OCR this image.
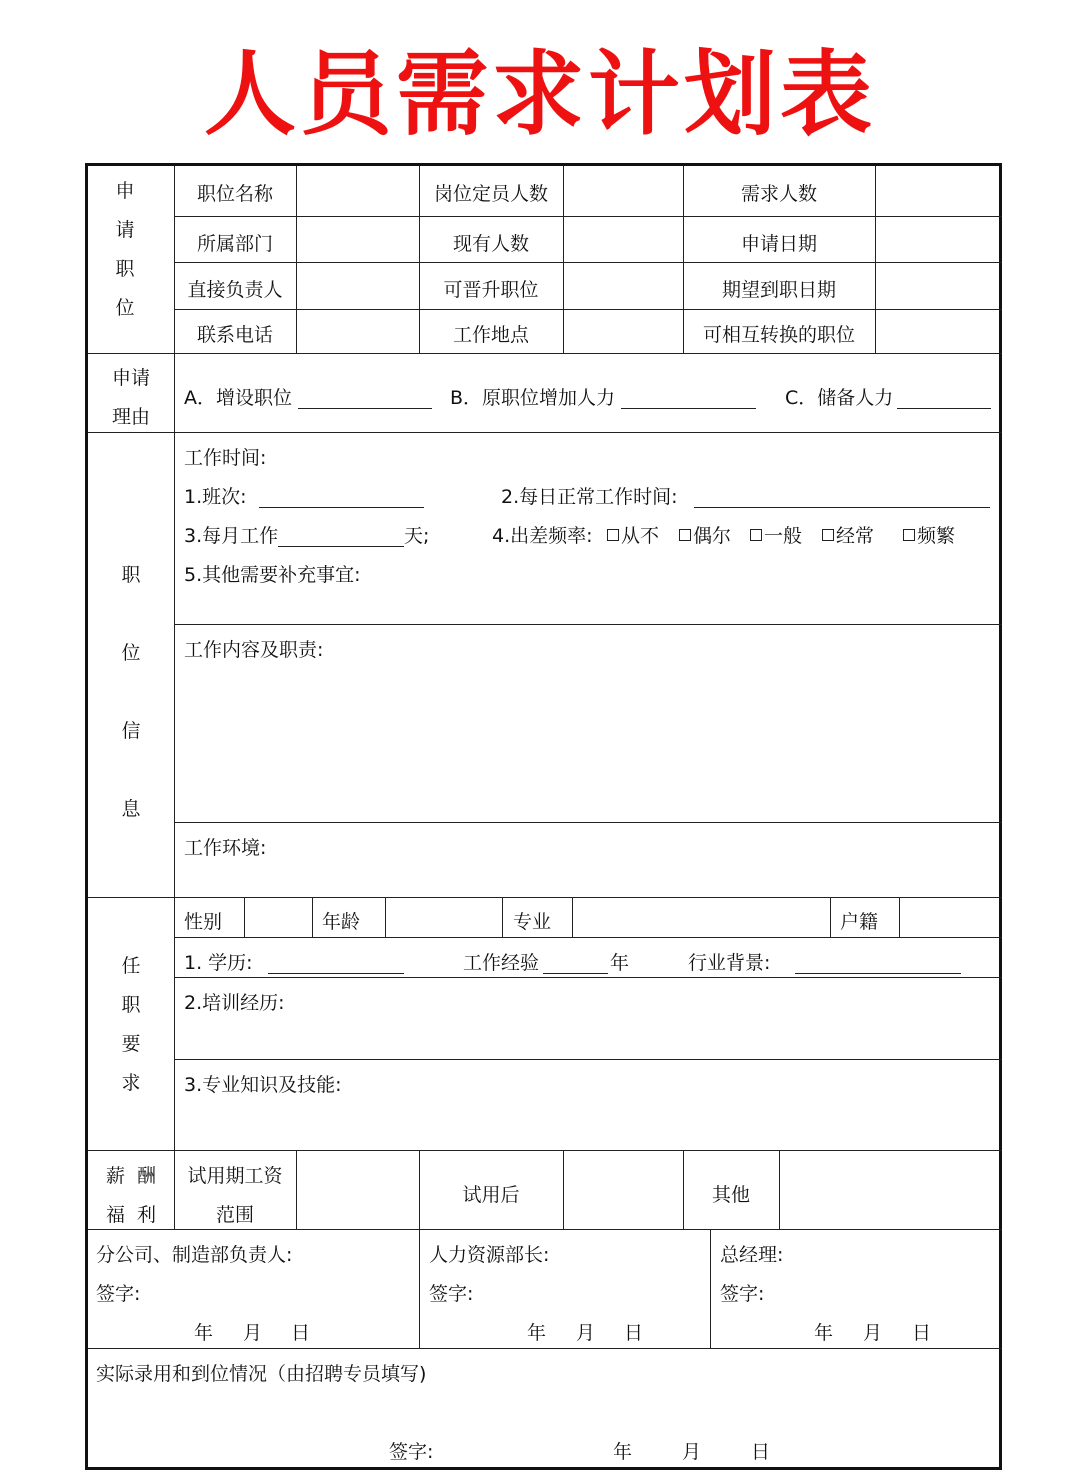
人员需求计划表
申
请
职
位
职位名称	岗位定员人数	需求人数
所属部门	现有人数	申请日期
直接负责人	可晋升职位	期望到职日期
联系电话	工作地点	可相互转换的职位
申请
理由
A．增设职位	B．原职位增加人力	C．储备人力
职
位
信
息
工作时间:
1.班次:	2.每日正常工作时间:
3.每月工作	天;	4.出差频率:	从不	偶尔	一般	经常	频繁
5.其他需要补充事宜:
工作内容及职责:
工作环境:
任
职
要
求
性别	年龄	专业	户籍
1. 学历:	工作经验	年	行业背景:
2.培训经历:
3.专业知识及技能:
薪  酬
福  利
试用期工资
范围
试用后	其他
分公司、制造部负责人:
签字:
年 月 日
人力资源部长:
签字:
年 月 日
总经理:
签字:
年 月 日
实际录用和到位情况（由招聘专员填写)
签字:	年	月	日
